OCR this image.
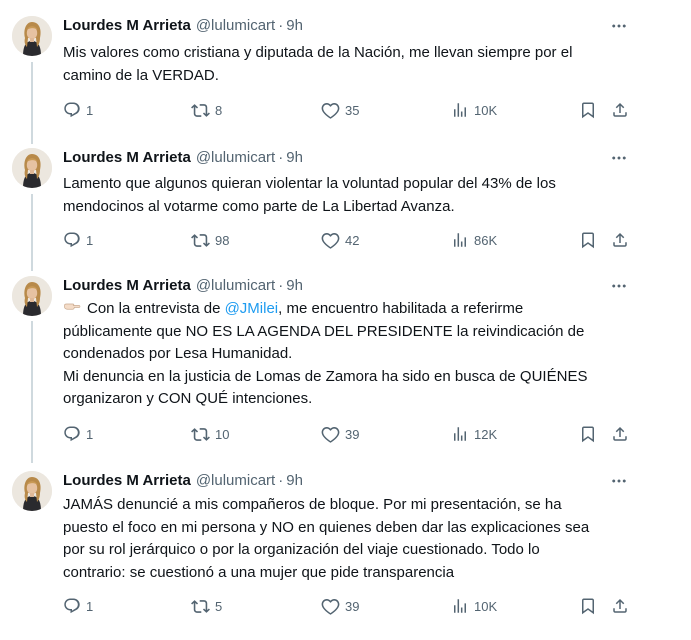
Lourdes M Arrieta @lulumicart · 9h

Mis valores como cristiana y diputada de la Nación, me llevan siempre por el

camino de la VERDAD.

1	8	35	10K
Lourdes M Arrieta @lulumicart · 9h

Lamento que algunos quieran violentar la voluntad popular del 43% de los

mendocinos al votarme como parte de La Libertad Avanza.

1	98	42	86K
Lourdes M Arrieta @lulumicart · 9h

Con la entrevista de @JMilei, me encuentro habilitada a referirme

públicamente que NO ES LA AGENDA DEL PRESIDENTE la reivindicación de

condenados por Lesa Humanidad.

Mi denuncia en la justicia de Lomas de Zamora ha sido en busca de QUIÉNES

organizaron y CON QUÉ intenciones.

1	10	39	12K
Lourdes M Arrieta @lulumicart · 9h

JAMÁS denuncié a mis compañeros de bloque. Por mi presentación, se ha

puesto el foco en mi persona y NO en quienes deben dar las explicaciones sea

por su rol jerárquico o por la organización del viaje cuestionado. Todo lo

contrario: se cuestionó a una mujer que pide transparencia

1	5	39	10K
